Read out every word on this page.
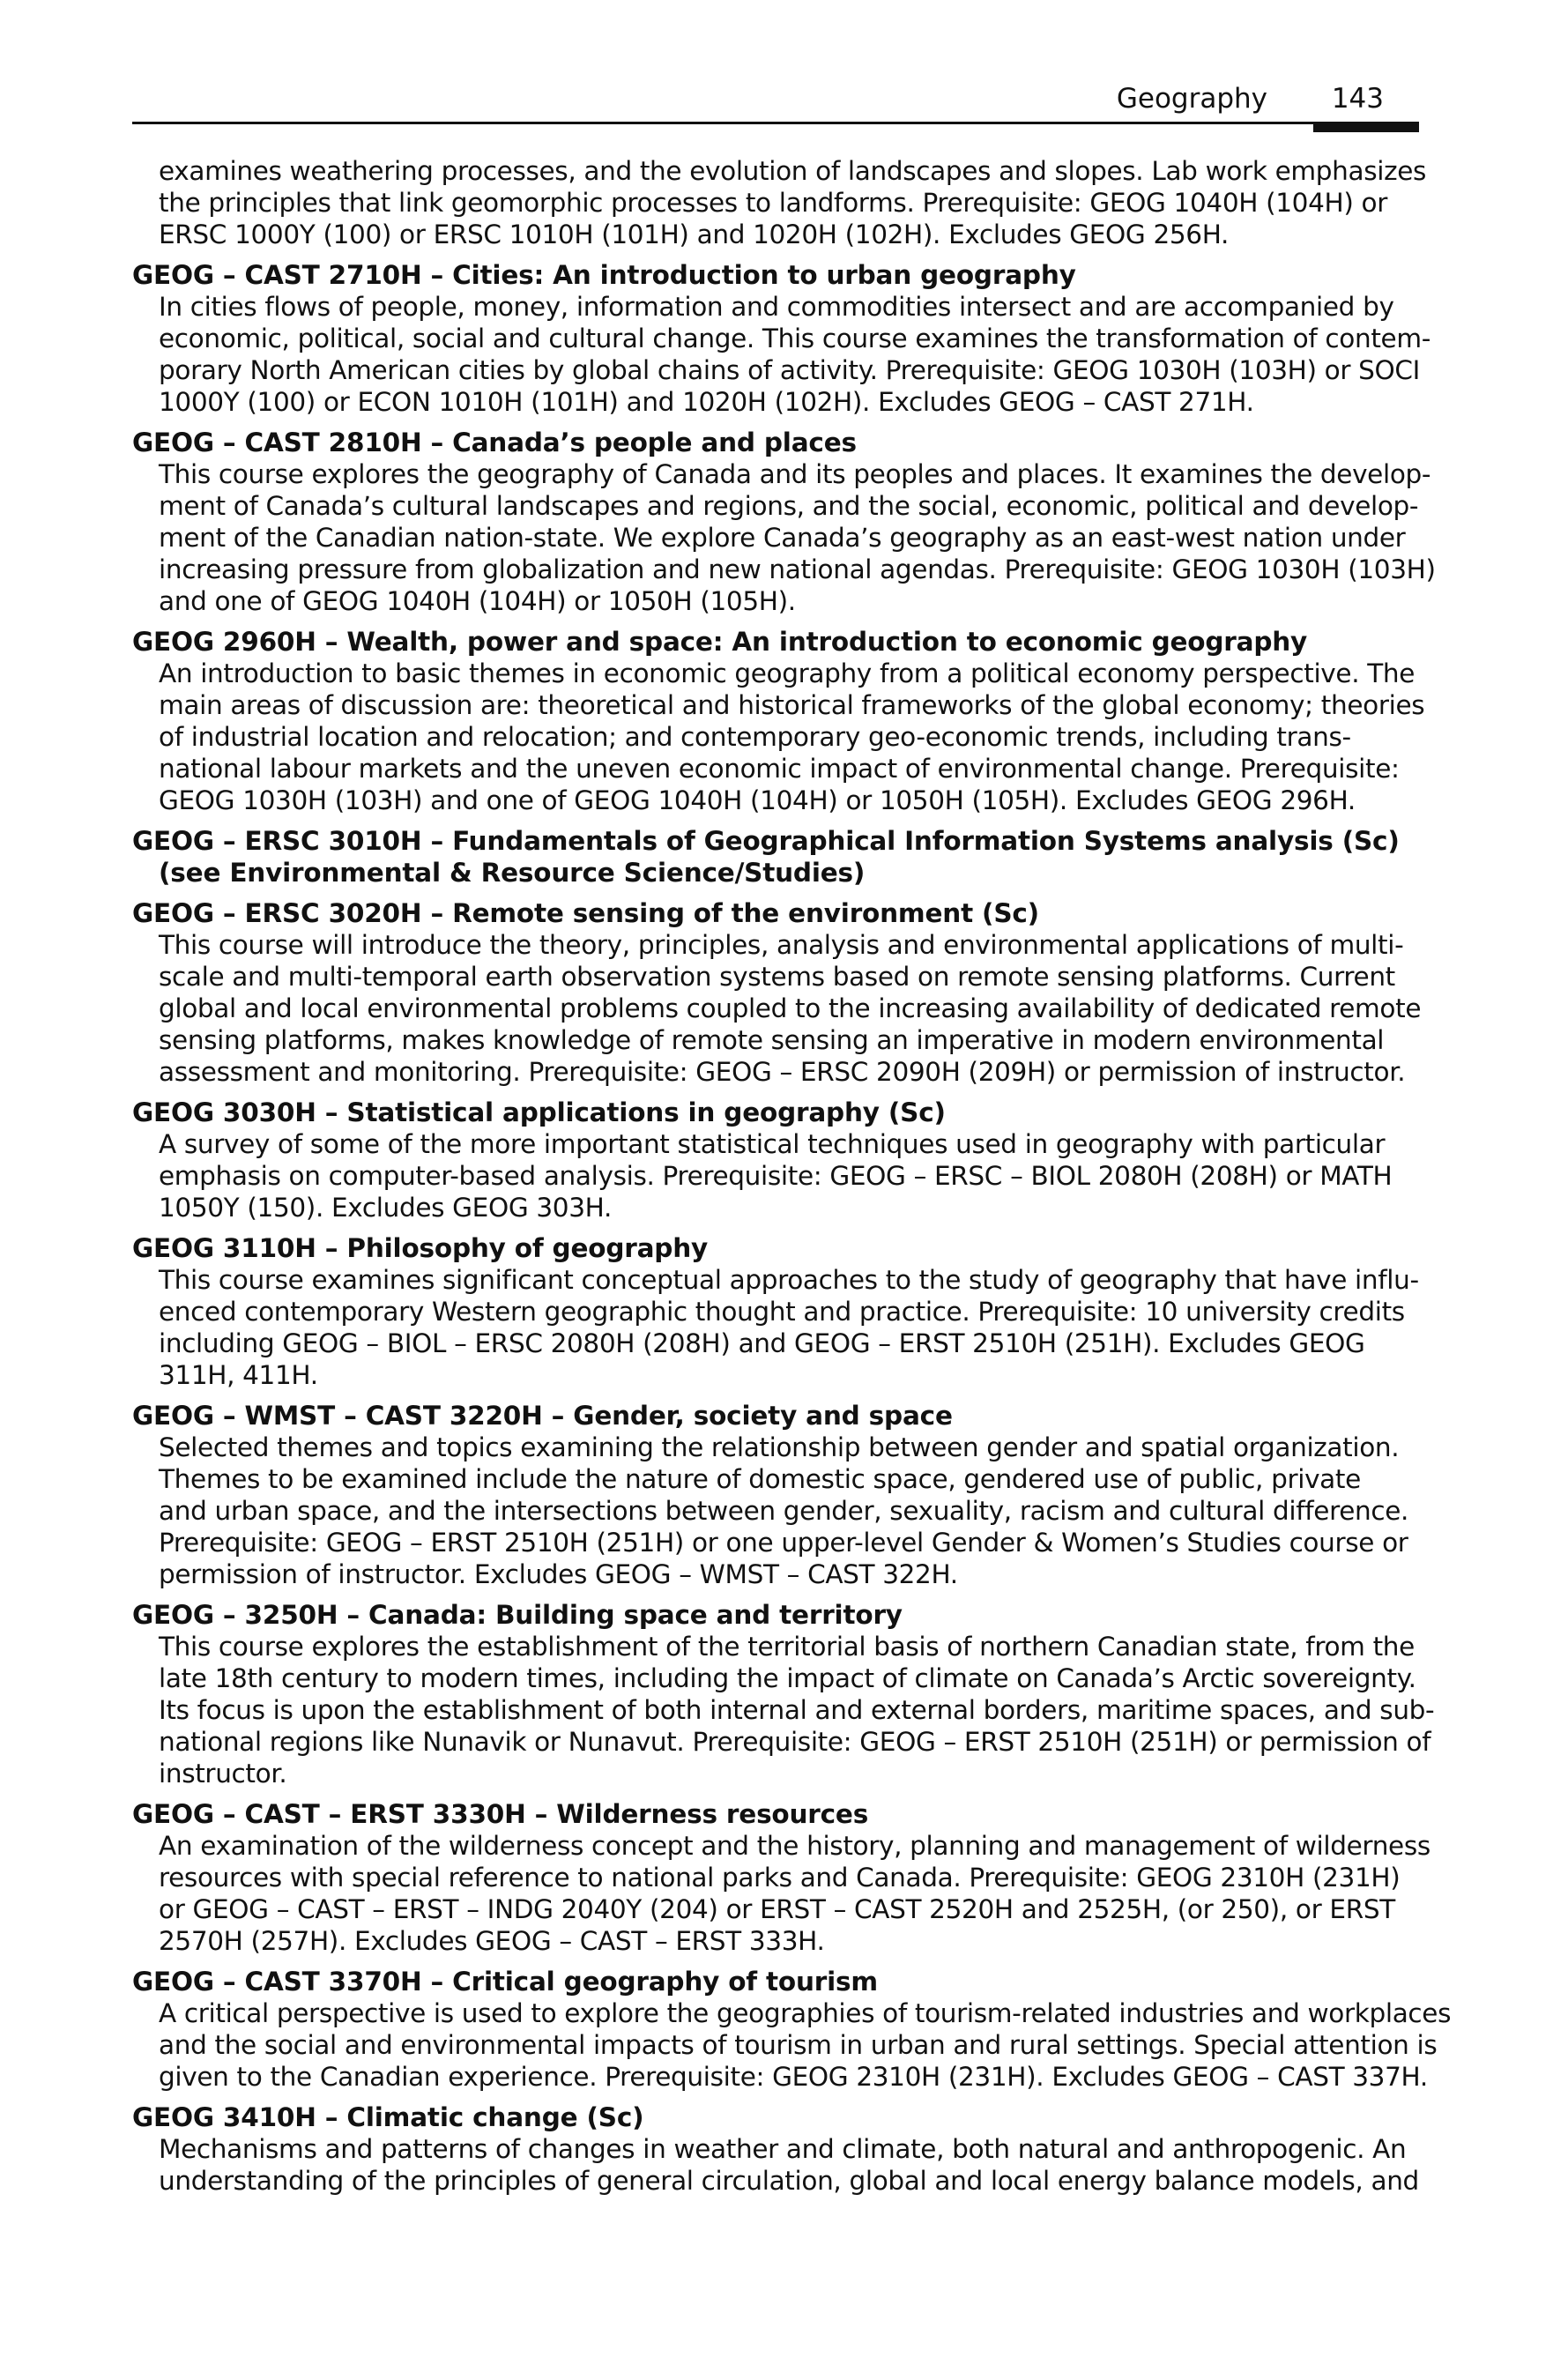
Geography 143
examines weathering processes, and the evolution of landscapes and slopes. Lab work emphasizes
the principles that link geomorphic processes to landforms. Prerequisite: GEOG 1040H (104H) or
ERSC 1000Y (100) or ERSC 1010H (101H) and 1020H (102H). Excludes GEOG 256H.
GEOG – CAST 2710H – Cities: An introduction to urban geography
In cities flows of people, money, information and commodities intersect and are accompanied by
economic, political, social and cultural change. This course examines the transformation of contem-
porary North American cities by global chains of activity. Prerequisite: GEOG 1030H (103H) or SOCI
1000Y (100) or ECON 1010H (101H) and 1020H (102H). Excludes GEOG – CAST 271H.
GEOG – CAST 2810H – Canada’s people and places
This course explores the geography of Canada and its peoples and places. It examines the develop-
ment of Canada’s cultural landscapes and regions, and the social, economic, political and develop-
ment of the Canadian nation-state. We explore Canada’s geography as an east-west nation under
increasing pressure from globalization and new national agendas. Prerequisite: GEOG 1030H (103H)
and one of GEOG 1040H (104H) or 1050H (105H).
GEOG 2960H – Wealth, power and space: An introduction to economic geography
An introduction to basic themes in economic geography from a political economy perspective. The
main areas of discussion are: theoretical and historical frameworks of the global economy; theories
of industrial location and relocation; and contemporary geo-economic trends, including trans-
national labour markets and the uneven economic impact of environmental change. Prerequisite:
GEOG 1030H (103H) and one of GEOG 1040H (104H) or 1050H (105H). Excludes GEOG 296H.
GEOG – ERSC 3010H – Fundamentals of Geographical Information Systems analysis (Sc) (see Environmental & Resource Science/Studies)
GEOG – ERSC 3020H – Remote sensing of the environment (Sc)
This course will introduce the theory, principles, analysis and environmental applications of multi-
scale and multi-temporal earth observation systems based on remote sensing platforms. Current
global and local environmental problems coupled to the increasing availability of dedicated remote
sensing platforms, makes knowledge of remote sensing an imperative in modern environmental
assessment and monitoring. Prerequisite: GEOG – ERSC 2090H (209H) or permission of instructor.
GEOG 3030H – Statistical applications in geography (Sc)
A survey of some of the more important statistical techniques used in geography with particular
emphasis on computer-based analysis. Prerequisite: GEOG – ERSC – BIOL 2080H (208H) or MATH
1050Y (150). Excludes GEOG 303H.
GEOG 3110H – Philosophy of geography
This course examines significant conceptual approaches to the study of geography that have influ-
enced contemporary Western geographic thought and practice. Prerequisite: 10 university credits
including GEOG – BIOL – ERSC 2080H (208H) and GEOG – ERST 2510H (251H). Excludes GEOG
311H, 411H.
GEOG – WMST – CAST 3220H – Gender, society and space
Selected themes and topics examining the relationship between gender and spatial organization.
Themes to be examined include the nature of domestic space, gendered use of public, private
and urban space, and the intersections between gender, sexuality, racism and cultural difference.
Prerequisite: GEOG – ERST 2510H (251H) or one upper-level Gender & Women’s Studies course or
permission of instructor. Excludes GEOG – WMST – CAST 322H.
GEOG – 3250H – Canada: Building space and territory
This course explores the establishment of the territorial basis of northern Canadian state, from the
late 18th century to modern times, including the impact of climate on Canada’s Arctic sovereignty.
Its focus is upon the establishment of both internal and external borders, maritime spaces, and sub-
national regions like Nunavik or Nunavut. Prerequisite: GEOG – ERST 2510H (251H) or permission of
instructor.
GEOG – CAST – ERST 3330H – Wilderness resources
An examination of the wilderness concept and the history, planning and management of wilderness
resources with special reference to national parks and Canada. Prerequisite: GEOG 2310H (231H)
or GEOG – CAST – ERST – INDG 2040Y (204) or ERST – CAST 2520H and 2525H, (or 250), or ERST
2570H (257H). Excludes GEOG – CAST – ERST 333H.
GEOG – CAST 3370H – Critical geography of tourism
A critical perspective is used to explore the geographies of tourism-related industries and workplaces
and the social and environmental impacts of tourism in urban and rural settings. Special attention is
given to the Canadian experience. Prerequisite: GEOG 2310H (231H). Excludes GEOG – CAST 337H.
GEOG 3410H – Climatic change (Sc)
Mechanisms and patterns of changes in weather and climate, both natural and anthropogenic. An
understanding of the principles of general circulation, global and local energy balance models, and
